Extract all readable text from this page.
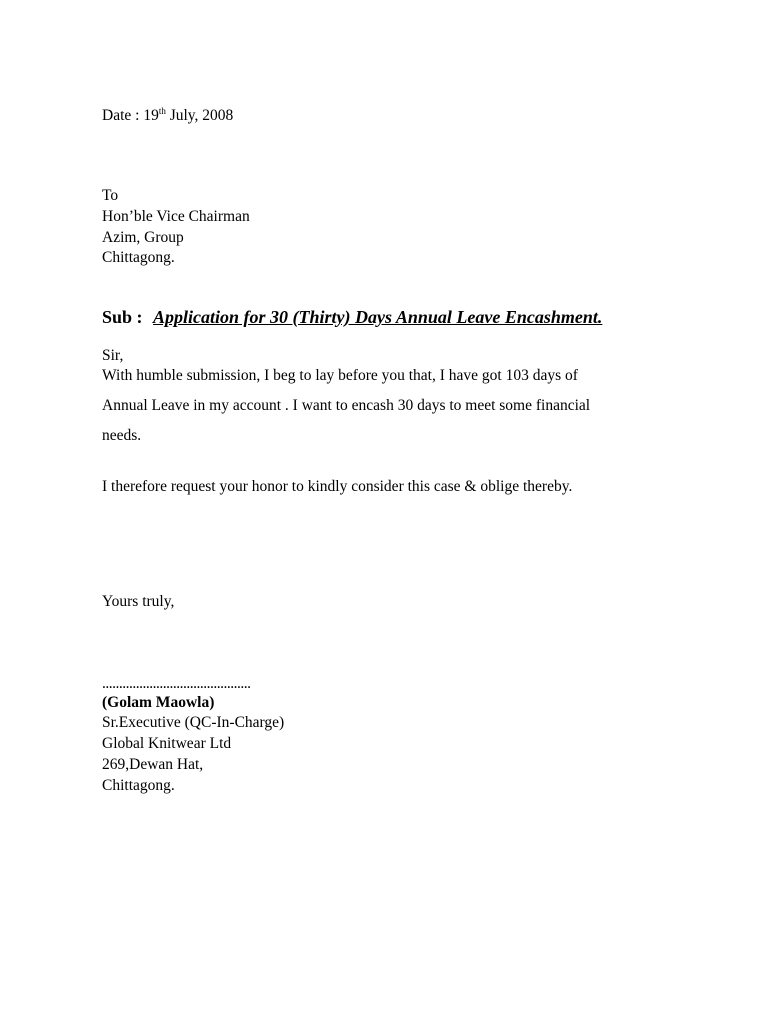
Date : 19th July, 2008
To
Hon’ble Vice Chairman
Azim, Group
Chittagong.
Sub : Application for 30 (Thirty) Days Annual Leave Encashment.
Sir,
With humble submission, I beg to lay before you that, I have got 103 days of
Annual Leave in my account . I want to encash 30 days to meet some financial
needs.
I therefore request your honor to kindly consider this case & oblige thereby.
Yours truly,
............................................
(Golam Maowla)
Sr.Executive (QC-In-Charge)
Global Knitwear Ltd
269,Dewan Hat,
Chittagong.
